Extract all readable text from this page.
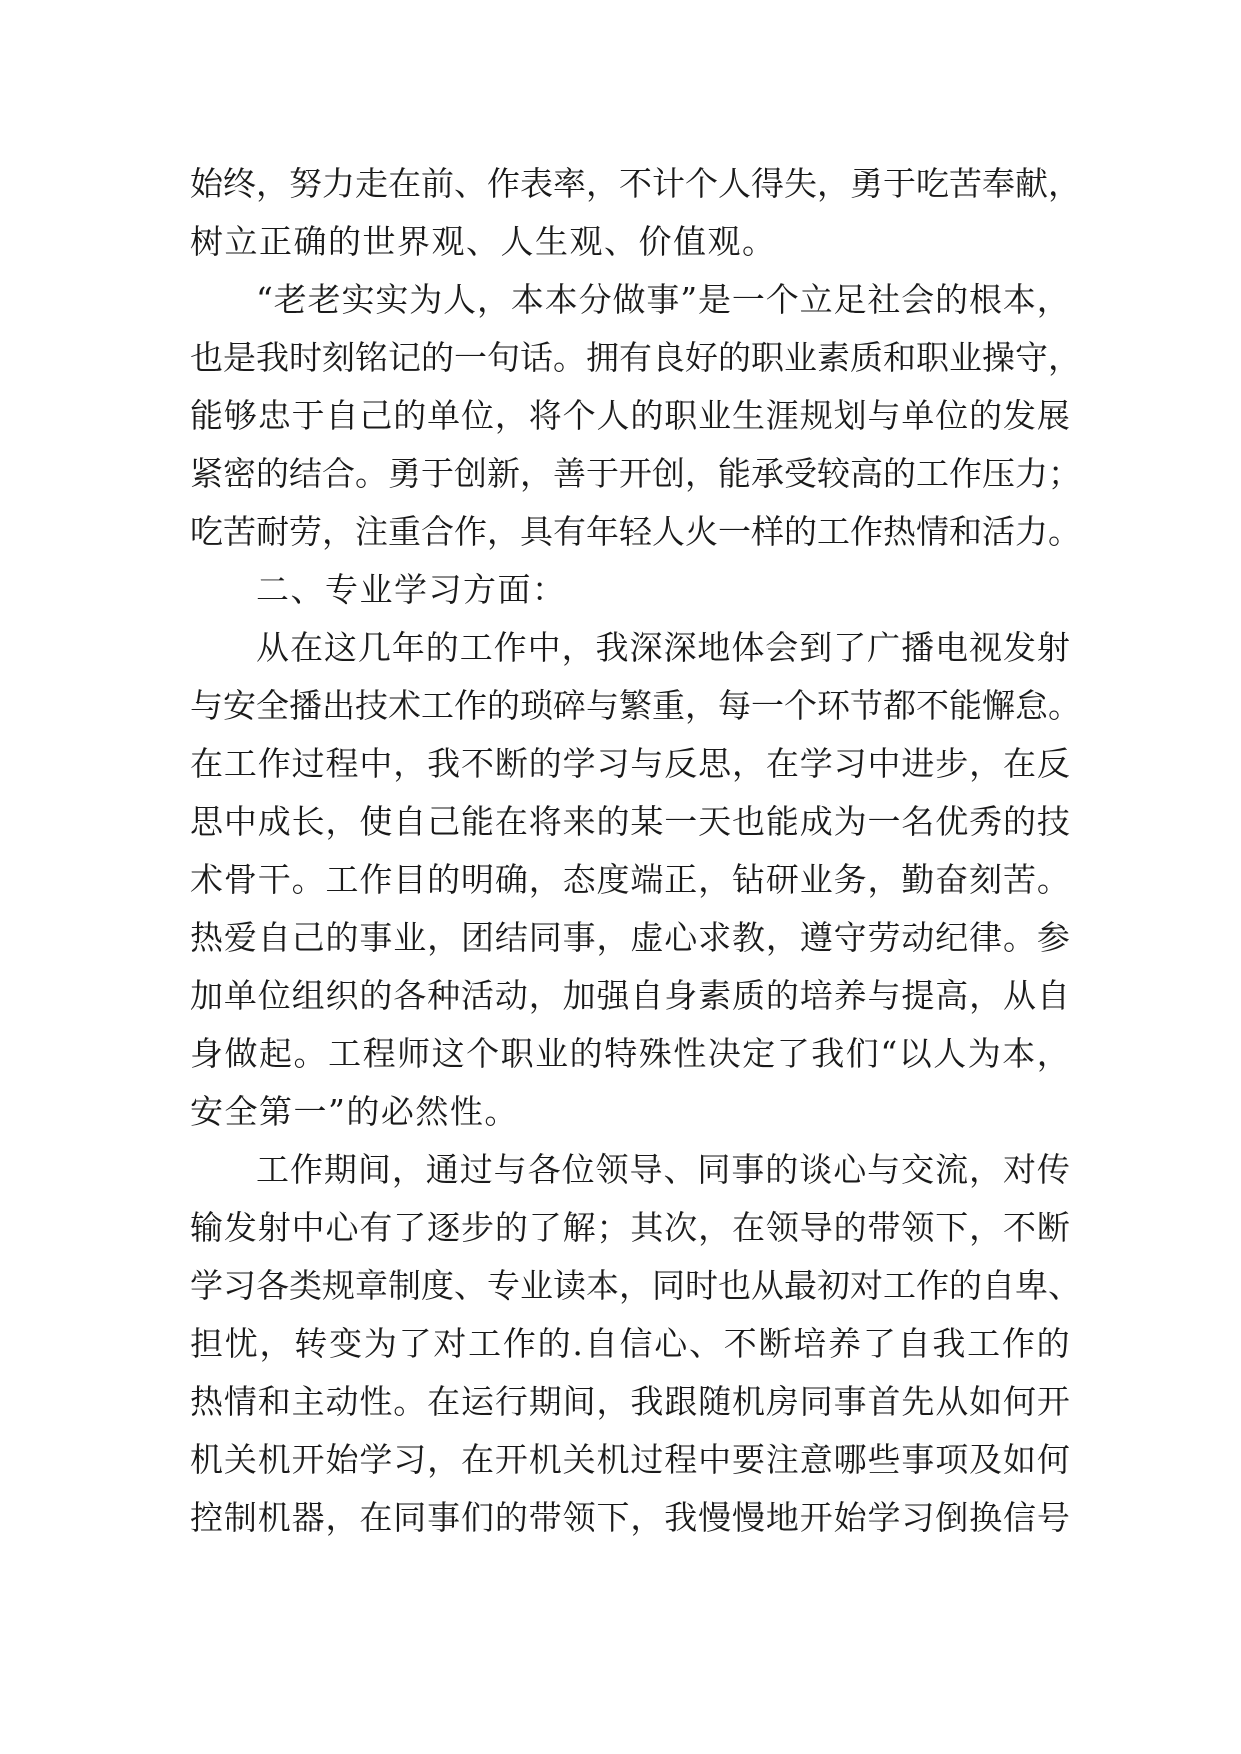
始 终 ， 努 力 走 在 前 、 作 表 率 ， 不 计 个 人 得 失 ， 勇 于 吃 苦 奉 献 ，
树立正确的世界观、人生观、价值观。
“ 老 老 实 实 为 人 ， 本 本 分 做 事 ” 是 一 个 立 足 社 会 的 根 本 ，
也 是 我 时 刻 铭 记 的 一 句 话 。 拥 有 良 好 的 职 业 素 质 和 职 业 操 守 ，
能 够 忠 于 自 己 的 单 位 ， 将 个 人 的 职 业 生 涯 规 划 与 单 位 的 发 展
紧 密 的 结 合 。 勇 于 创 新 ， 善 于 开 创 ， 能 承 受 较 高 的 工 作 压 力 ；
吃 苦 耐 劳 ， 注 重 合 作 ， 具 有 年 轻 人 火 一 样 的 工 作 热 情 和 活 力 。
二、专业学习方面：
从 在 这 几 年 的 工 作 中 ， 我 深 深 地 体 会 到 了 广 播 电 视 发 射
与 安 全 播 出 技 术 工 作 的 琐 碎 与 繁 重 ， 每 一 个 环 节 都 不 能 懈 怠 。
在 工 作 过 程 中 ， 我 不 断 的 学 习 与 反 思 ， 在 学 习 中 进 步 ， 在 反
思 中 成 长 ， 使 自 己 能 在 将 来 的 某 一 天 也 能 成 为 一 名 优 秀 的 技
术 骨 干 。 工 作 目 的 明 确 ， 态 度 端 正 ， 钻 研 业 务 ， 勤 奋 刻 苦 。
热 爱 自 己 的 事 业 ， 团 结 同 事 ， 虚 心 求 教 ， 遵 守 劳 动 纪 律 。 参
加 单 位 组 织 的 各 种 活 动 ， 加 强 自 身 素 质 的 培 养 与 提 高 ， 从 自
身 做 起 。 工 程 师 这 个 职 业 的 特 殊 性 决 定 了 我 们 “ 以 人 为 本 ，
安全第一”的必然性。
工 作 期 间 ， 通 过 与 各 位 领 导 、 同 事 的 谈 心 与 交 流 ， 对 传
输 发 射 中 心 有 了 逐 步 的 了 解 ； 其 次 ， 在 领 导 的 带 领 下 ， 不 断
学 习 各 类 规 章 制 度 、 专 业 读 本 ， 同 时 也 从 最 初 对 工 作 的 自 卑 、
担 忧 ， 转 变 为 了 对 工 作 的 . 自 信 心 、 不 断 培 养 了 自 我 工 作 的
热 情 和 主 动 性 。 在 运 行 期 间 ， 我 跟 随 机 房 同 事 首 先 从 如 何 开
机 关 机 开 始 学 习 ， 在 开 机 关 机 过 程 中 要 注 意 哪 些 事 项 及 如 何
控 制 机 器 ， 在 同 事 们 的 带 领 下 ， 我 慢 慢 地 开 始 学 习 倒 换 信 号
